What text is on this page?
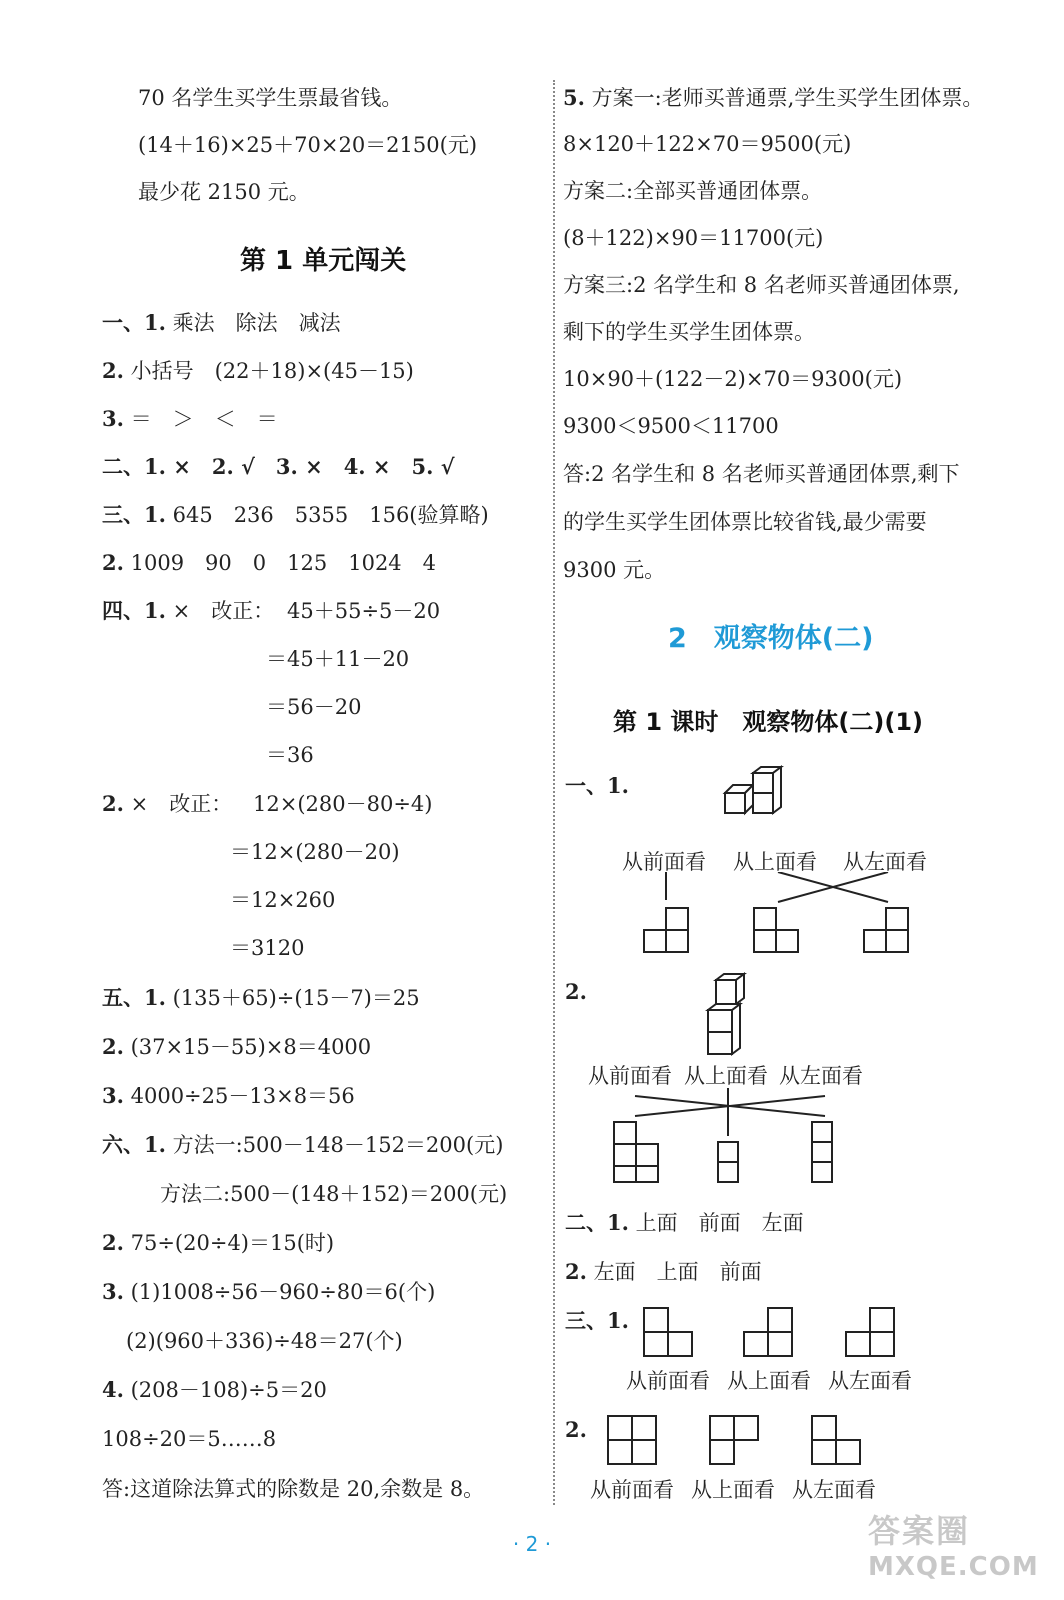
70 名学生买学生票最省钱。
(14＋16)×25＋70×20＝2150(元)
最少花 2150 元。
第 1 单元闯关
一、1. 乘法　除法　减法
2. 小括号　(22＋18)×(45－15)
3. ＝　＞　＜　＝
二、1. ×　2. √　3. ×　4. ×　5. √
三、1. 645　236　5355　156(验算略)
2. 1009　90　0　125　1024　4
四、1. ×　改正： 45＋55÷5－20
＝45＋11－20
＝56－20
＝36
2. ×　改正： 12×(280－80÷4)
＝12×(280－20)
＝12×260
＝3120
五、1. (135＋65)÷(15－7)＝25
2. (37×15－55)×8＝4000
3. 4000÷25－13×8＝56
六、1. 方法一:500－148－152＝200(元)
方法二:500－(148＋152)＝200(元)
2. 75÷(20÷4)＝15(时)
3. (1)1008÷56－960÷80＝6(个)
(2)(960＋336)÷48＝27(个)
4. (208－108)÷5＝20
108÷20＝5……8
答:这道除法算式的除数是 20,余数是 8。
5. 方案一:老师买普通票,学生买学生团体票。
8×120＋122×70＝9500(元)
方案二:全部买普通团体票。
(8＋122)×90＝11700(元)
方案三:2 名学生和 8 名老师买普通团体票,
剩下的学生买学生团体票。
10×90＋(122－2)×70＝9300(元)
9300＜9500＜11700
答:2 名学生和 8 名老师买普通团体票,剩下
的学生买学生团体票比较省钱,最少需要
9300 元。
2　观察物体(二)
第 1 课时　观察物体(二)(1)
一、1.
从前面看 从上面看 从左面看
2.
从前面看 从上面看 从左面看
二、1. 上面　前面　左面
2. 左面　上面　前面
三、1.
从前面看 从上面看 从左面看
2.
从前面看 从上面看 从左面看
· 2 ·	答案圈
MXQE.COM
